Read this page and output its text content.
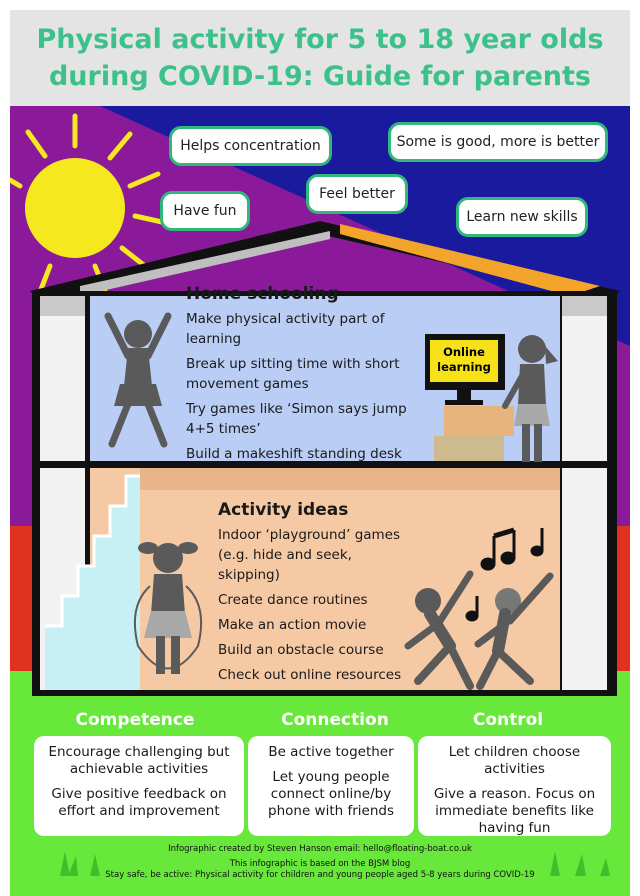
Physical activity for 5 to 18 year olds
during COVID-19: Guide for parents
Helps concentration	Some is good, more is better
Have fun
Feel better
Learn new skills
Home schooling

Make physical activity part of learning

Break up sitting time with short movement games

Try games like ‘Simon says jump 4+5 times’

Build a makeshift standing desk

Online
learning
Activity ideas

Indoor ‘playground’ games (e.g. hide and seek, skipping)

Create dance routines

Make an action movie

Build an obstacle course

Check out online resources

Competence	Connection	Control

Encourage challenging but achievable activities

Give positive feedback on effort and improvement

Be active together

Let young people connect online/by phone with friends

Let children choose activities

Give a reason. Focus on immediate benefits like having fun

Infographic created by Steven Hanson email: hello@floating-boat.co.uk
This infographic is based on the BJSM blog
Stay safe, be active: Physical activity for children and young people aged 5-8 years during COVID-19
